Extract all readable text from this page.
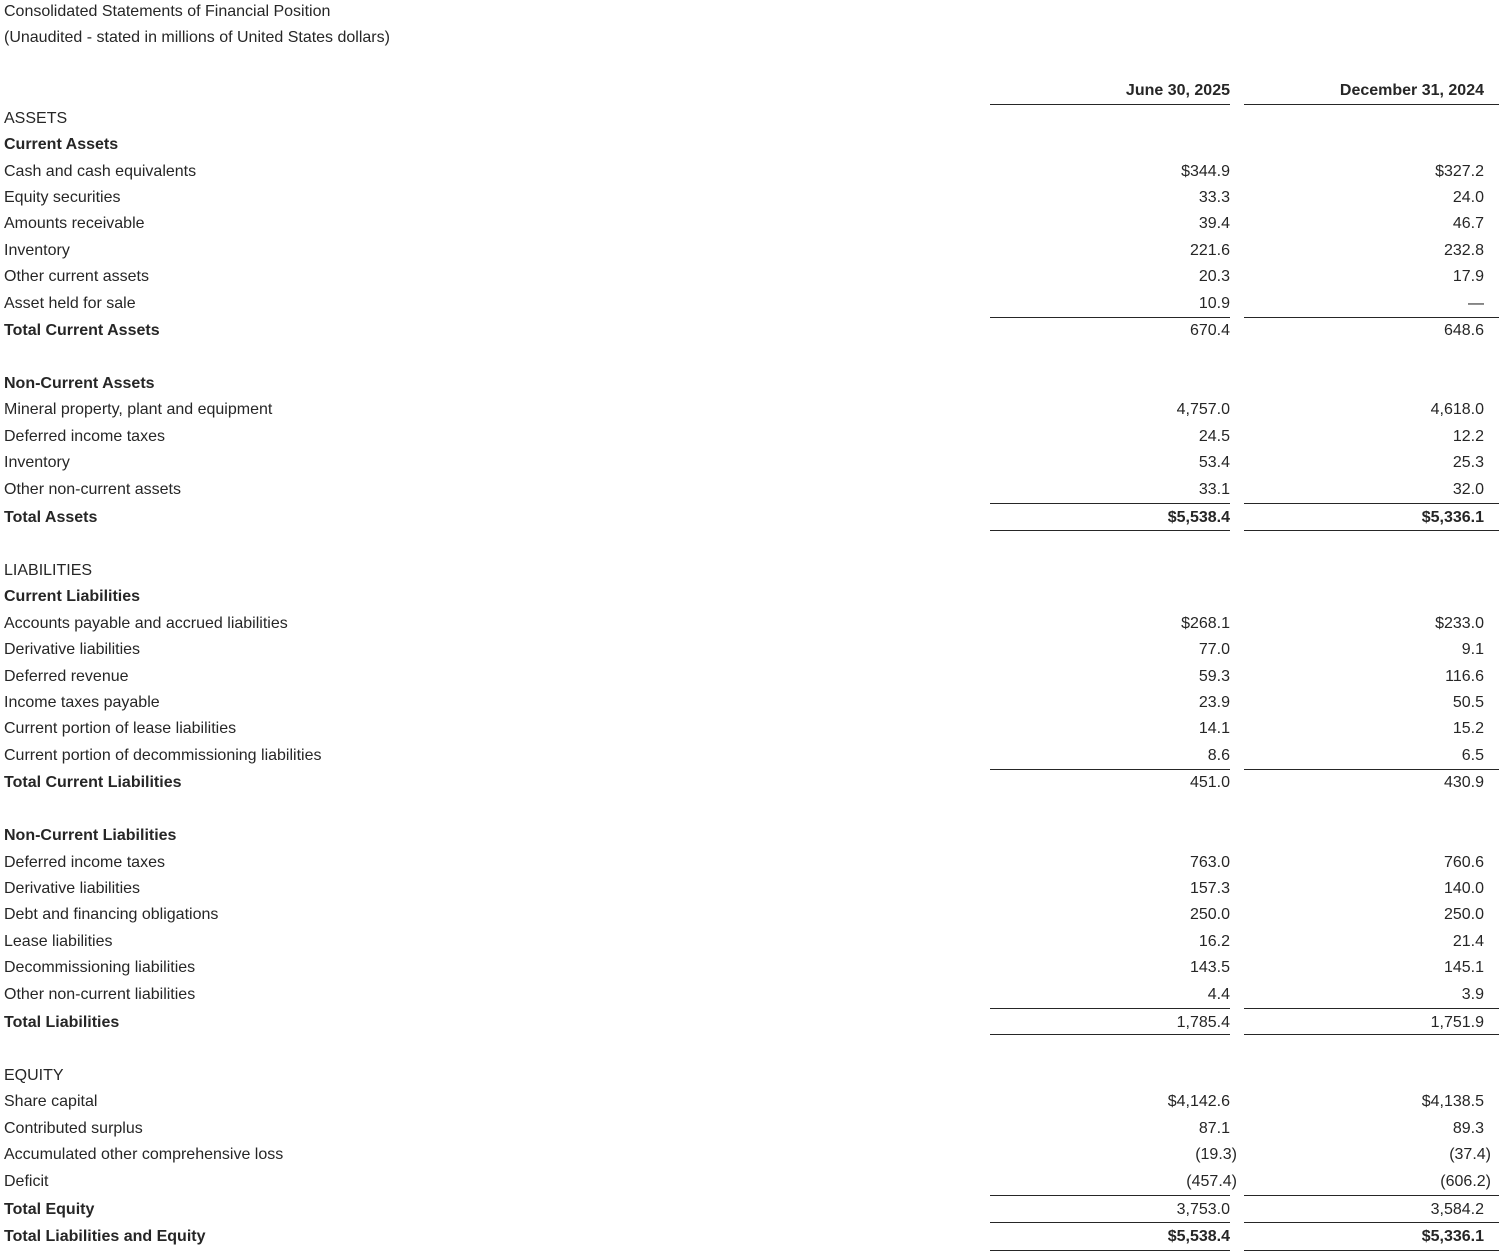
Consolidated Statements of Financial Position
(Unaudited - stated in millions of United States dollars)
June 30, 2025	December 31, 2024
ASSETS
Current Assets
Cash and cash equivalents	$344.9	$327.2
Equity securities	33.3	24.0
Amounts receivable	39.4	46.7
Inventory	221.6	232.8
Other current assets	20.3	17.9
Asset held for sale	10.9	—
Total Current Assets	670.4	648.6
Non-Current Assets
Mineral property, plant and equipment	4,757.0	4,618.0
Deferred income taxes	24.5	12.2
Inventory	53.4	25.3
Other non-current assets	33.1	32.0
Total Assets	$5,538.4	$5,336.1
LIABILITIES
Current Liabilities
Accounts payable and accrued liabilities	$268.1	$233.0
Derivative liabilities	77.0	9.1
Deferred revenue	59.3	116.6
Income taxes payable	23.9	50.5
Current portion of lease liabilities	14.1	15.2
Current portion of decommissioning liabilities	8.6	6.5
Total Current Liabilities	451.0	430.9
Non-Current Liabilities
Deferred income taxes	763.0	760.6
Derivative liabilities	157.3	140.0
Debt and financing obligations	250.0	250.0
Lease liabilities	16.2	21.4
Decommissioning liabilities	143.5	145.1
Other non-current liabilities	4.4	3.9
Total Liabilities	1,785.4	1,751.9
EQUITY
Share capital	$4,142.6	$4,138.5
Contributed surplus	87.1	89.3
Accumulated other comprehensive loss	(19.3)	(37.4)
Deficit	(457.4)	(606.2)
Total Equity	3,753.0	3,584.2
Total Liabilities and Equity	$5,538.4	$5,336.1
